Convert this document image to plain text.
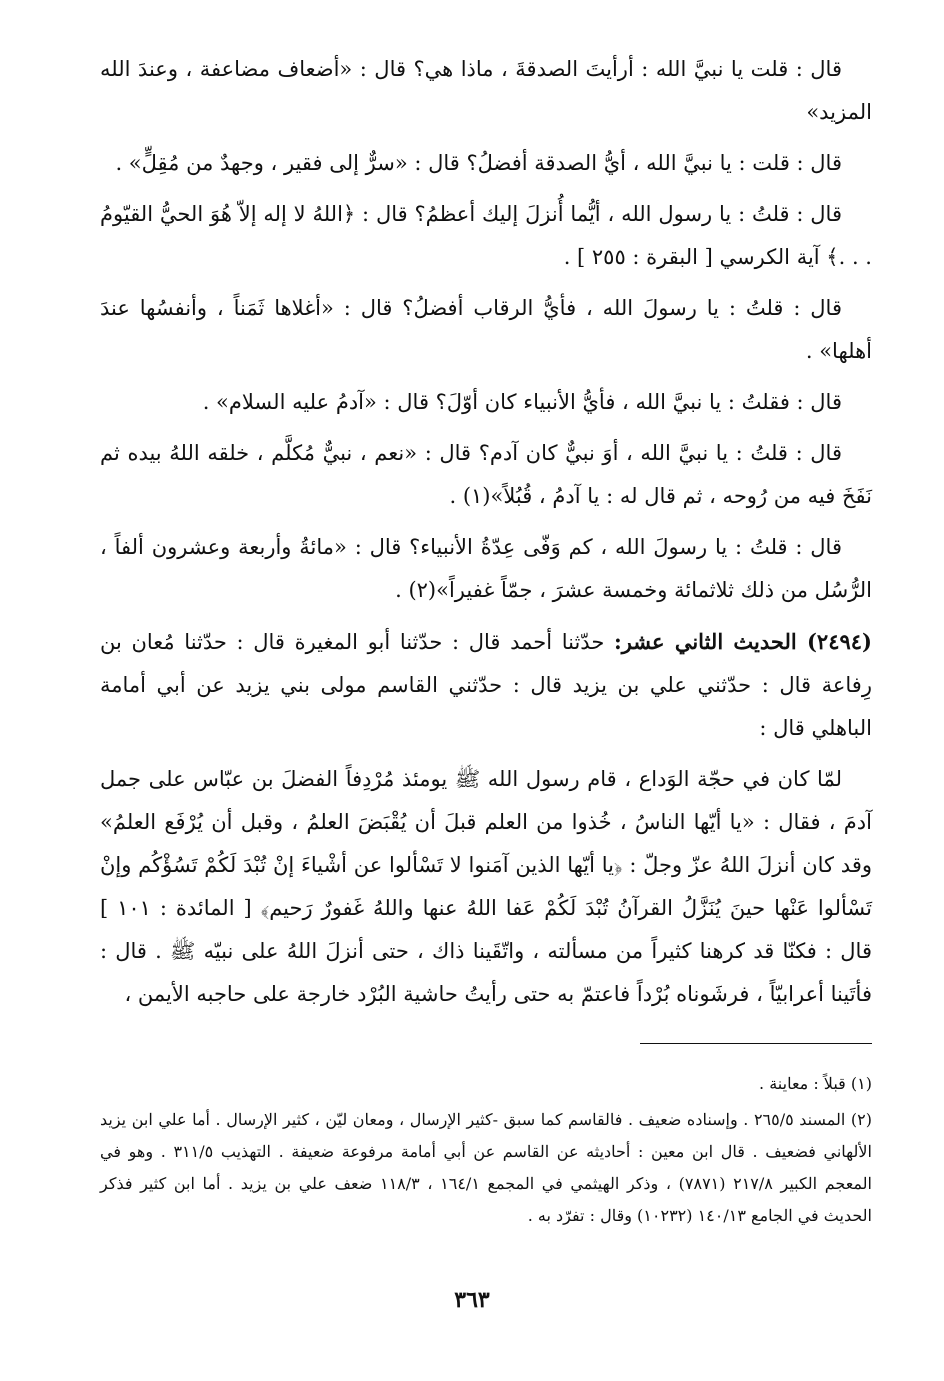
قال : قلت يا نبيَّ الله : أرأيتَ الصدقةَ ، ماذا هي؟ قال : «أضعاف مضاعفة ، وعندَ الله المزيد»

قال : قلت : يا نبيَّ الله ، أيُّ الصدقة أفضلُ؟ قال : «سرٌّ إلى فقير ، وجهدٌ من مُقِلٍّ» .

قال : قلتُ : يا رسول الله ، أيُّما أُنزلَ إليك أعظمُ؟ قال : ﴿اللهُ لا إله إلاّ هُوَ الحيُّ القيّومُ . . .﴾ آية الكرسي [ البقرة : ٢٥٥ ] .

قال : قلتُ : يا رسولَ الله ، فأيُّ الرقاب أفضلُ؟ قال : «أغلاها ثَمَناً ، وأنفسُها عندَ أهلها» .

قال : فقلتُ : يا نبيَّ الله ، فأيُّ الأنبياء كان أوّلَ؟ قال : «آدمُ عليه السلام» .

قال : قلتُ : يا نبيَّ الله ، أوَ نبيٌّ كان آدم؟ قال : «نعم ، نبيٌّ مُكلَّم ، خلقه اللهُ بيده ثم نَفَخَ فيه من رُوحه ، ثم قال له : يا آدمُ ، قُبُلاً»(١) .

قال : قلتُ : يا رسولَ الله ، كم وَفّى عِدّةُ الأنبياء؟ قال : «مائةُ وأربعة وعشرون ألفاً ، الرُّسُل من ذلك ثلاثمائة وخمسة عشرَ ، جمّاً غفيراً»(٢) .

(٢٤٩٤) الحديث الثاني عشر: حدّثنا أحمد قال : حدّثنا أبو المغيرة قال : حدّثنا مُعان بن رِفاعة قال : حدّثني علي بن يزيد قال : حدّثني القاسم مولى بني يزيد عن أبي أمامة الباهلي قال :

لمّا كان في حجّة الوَداع ، قام رسول الله ﷺ يومئذ مُرْدِفاً الفضلَ بن عبّاس على جمل آدمَ ، فقال : «يا أيّها الناسُ ، خُذوا من العلم قبلَ أن يُقْبَضَ العلمُ ، وقبل أن يُرْفَع العلمُ» وقد كان أنزلَ اللهُ عزّ وجلّ : ﴿يا أيّها الذين آمَنوا لا تَسْألوا عن أشْياءَ إنْ تُبْدَ لَكُمْ تَسُؤْكُم وإنْ تَسْألوا عَنْها حينَ يُنَزَّلُ القرآنُ تُبْدَ لَكُمْ عَفا اللهُ عنها واللهُ غَفورٌ رَحيم﴾ [ المائدة : ١٠١ ] قال : فكنّا قد كرهنا كثيراً من مسألته ، واتّقَينا ذاك ، حتى أنزلَ اللهُ على نبيّه ﷺ . قال : فأتَينا أعرابيّاً ، فرشَوناه بُرْداً فاعتمّ به حتى رأيتُ حاشية البُرْد خارجة على حاجبه الأيمن ،

(١) قبلاً : معاينة .

(٢) المسند ٢٦٥/٥ . وإسناده ضعيف . فالقاسم كما سبق -كثير الإرسال ، ومعان ليّن ، كثير الإرسال . أما علي ابن يزيد الألهاني فضعيف . قال ابن معين : أحاديثه عن القاسم عن أبي أمامة مرفوعة ضعيفة . التهذيب ٣١١/٥ . وهو في المعجم الكبير ٢١٧/٨ (٧٨٧١) ، وذكر الهيثمي في المجمع ١٦٤/١ ، ١١٨/٣ ضعف علي بن يزيد . أما ابن كثير فذكر الحديث في الجامع ١٤٠/١٣ (١٠٢٣٢) وقال : تفرّد به .

٣٦٣
